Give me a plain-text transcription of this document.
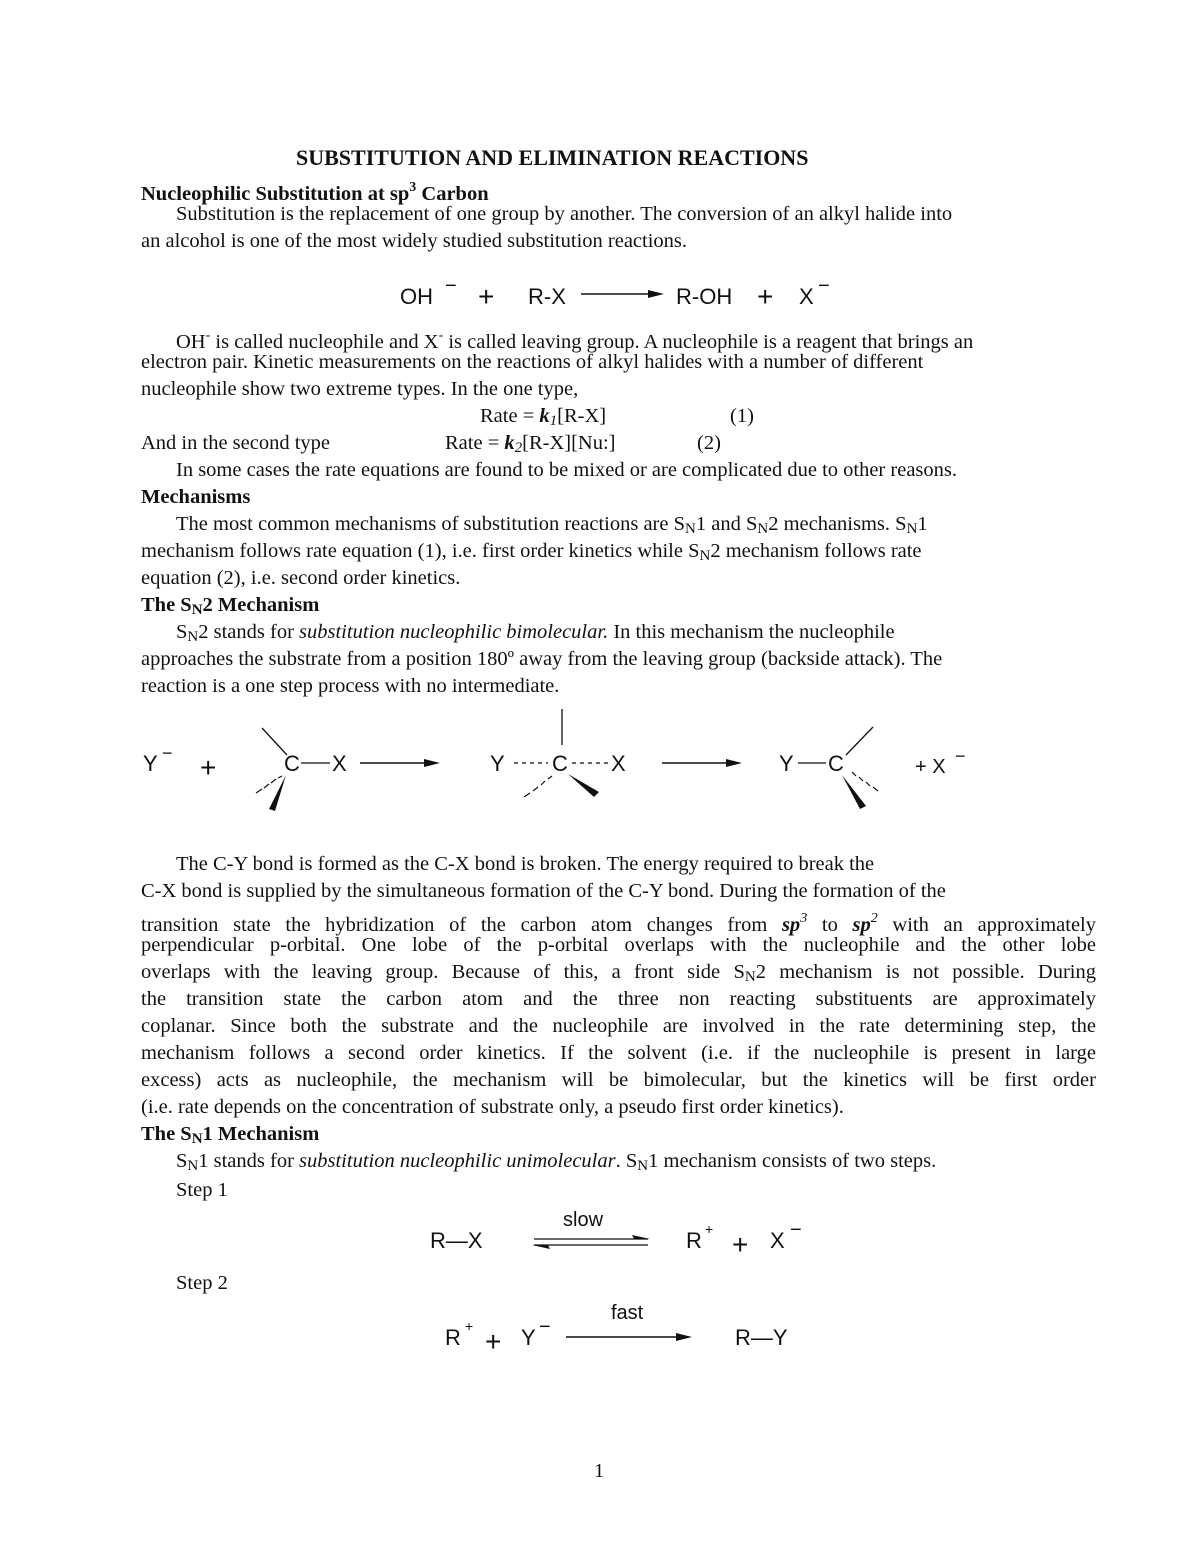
SUBSTITUTION AND ELIMINATION REACTIONS
Nucleophilic Substitution at $sp^3$ Carbon
Substitution is the replacement of one group by another. The conversion of an alkyl halide into
an alcohol is one of the most widely studied substitution reactions.
OH − + R-X	R-OH + X −
OH- is called nucleophile and X- is called leaving group. A nucleophile is a reagent that brings an
electron pair. Kinetic measurements on the reactions of alkyl halides with a number of different
nucleophile show two extreme types. In the one type,
Rate = $k_1[R-X]$	(1)
And in the second type	Rate = $k_2[R-X][Nu:]$	(2)
In some cases the rate equations are found to be mixed or are complicated due to other reasons.
Mechanisms
The most common mechanisms of substitution reactions are $S_N1$ and $S_N2$ mechanisms. $S_N1$
mechanism follows rate equation (1), i.e. first order kinetics while $S_N2$ mechanism follows rate
equation (2), i.e. second order kinetics.
The $S_N2$ Mechanism
$S_N2$ stands for substitution nucleophilic bimolecular. In this mechanism the nucleophile
approaches the substrate from a position 180º away from the leaving group (backside attack). The
reaction is a one step process with no intermediate.
Y − +	C X	Y C X	Y C	+ X −
The C-Y bond is formed as the C-X bond is broken. The energy required to break the
C-X bond is supplied by the simultaneous formation of the C-Y bond. During the formation of the
transition state the hybridization of the carbon atom changes from $sp^3$ to $sp^2$ with an approximately
perpendicular p-orbital. One lobe of the p-orbital overlaps with the nucleophile and the other lobe
overlaps with the leaving group. Because of this, a front side $S_N2$ mechanism is not possible. During
the transition state the carbon atom and the three non reacting substituents are approximately
coplanar. Since both the substrate and the nucleophile are involved in the rate determining step, the
mechanism follows a second order kinetics. If the solvent (i.e. if the nucleophile is present in large
excess) acts as nucleophile, the mechanism will be bimolecular, but the kinetics will be first order
(i.e. rate depends on the concentration of substrate only, a pseudo first order kinetics).
The $S_N1$ Mechanism
$S_N1$ stands for substitution nucleophilic unimolecular. $S_N1$ mechanism consists of two steps.
Step 1
R—X
slow
R + + X −
Step 2
R + + Y −
fast
R—Y
1
